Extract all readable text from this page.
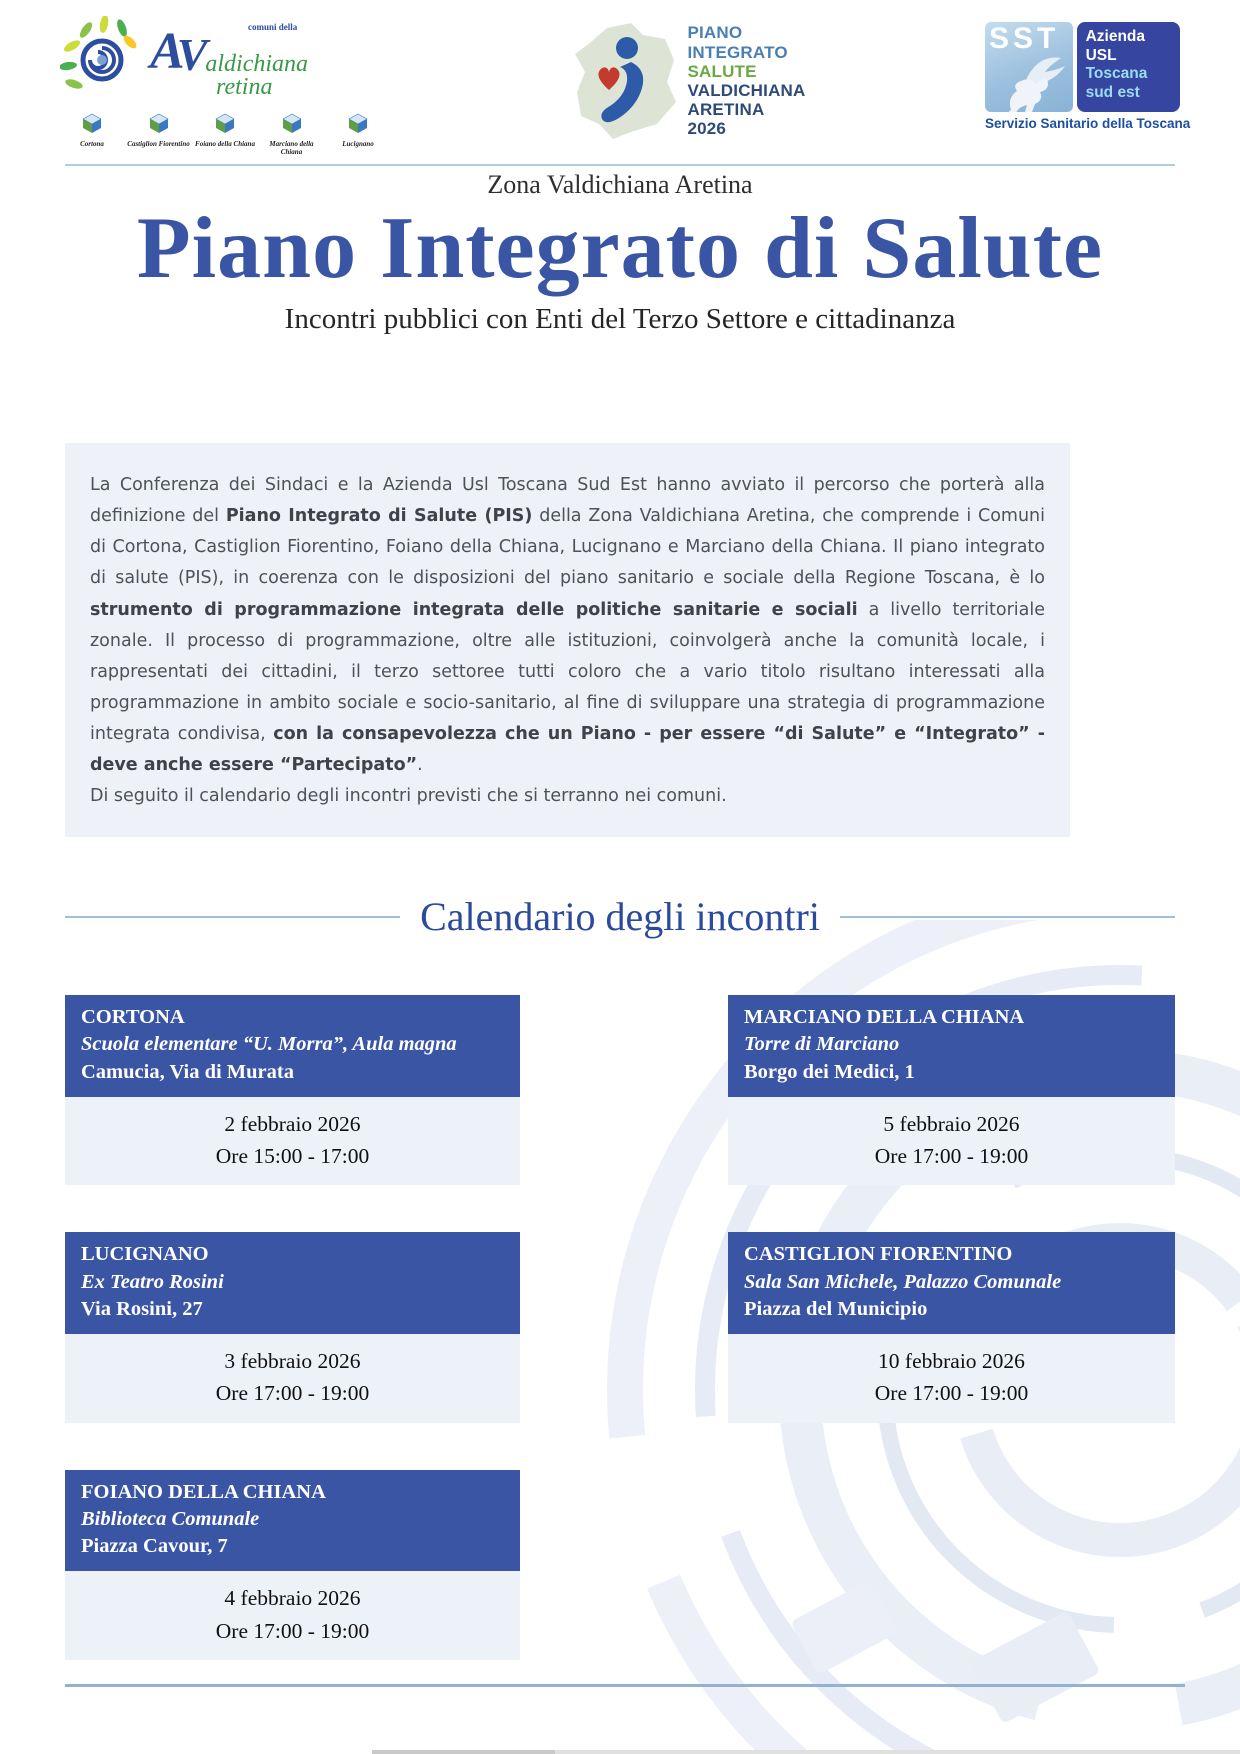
comuni della
A
V
aldichiana
retina
Cortona	Castiglion Fiorentino Foiano della Chiana	Marciano della Chiana
Lucignano
PIANO
INTEGRATO
SALUTE
VALDICHIANA
ARETINA
2026
SST Azienda
USL
Toscana
sud est
Servizio Sanitario della Toscana
Zona Valdichiana Aretina
Piano Integrato di Salute
Incontri pubblici con Enti del Terzo Settore e cittadinanza

La Conferenza dei Sindaci e la Azienda Usl Toscana Sud Est hanno avviato il percorso che porterà alla definizione del Piano Integrato di Salute (PIS) della Zona Valdichiana Aretina, che comprende i Comuni di Cortona, Castiglion Fiorentino, Foiano della Chiana, Lucignano e Marciano della Chiana. Il piano integrato di salute (PIS), in coerenza con le disposizioni del piano sanitario e sociale della Regione Toscana, è lo strumento di programmazione integrata delle politiche sanitarie e sociali a livello territoriale zonale. Il processo di programmazione, oltre alle istituzioni, coinvolgerà anche la comunità locale, i rappresentati dei cittadini, il terzo settoree tutti coloro che a vario titolo risultano interessati alla programmazione in ambito sociale e socio-sanitario, al fine di sviluppare una strategia di programmazione integrata condivisa, con la consapevolezza che un Piano - per essere “di Salute” e “Integrato” - deve anche essere “Partecipato”.

Di seguito il calendario degli incontri previsti che si terranno nei comuni.

Calendario degli incontri
CORTONA
Scuola elementare “U. Morra”, Aula magna
Camucia, Via di Murata
2 febbraio 2026
Ore 15:00 - 17:00
LUCIGNANO
Ex Teatro Rosini
Via Rosini, 27
3 febbraio 2026
Ore 17:00 - 19:00
FOIANO DELLA CHIANA
Biblioteca Comunale
Piazza Cavour, 7
4 febbraio 2026
Ore 17:00 - 19:00
MARCIANO DELLA CHIANA
Torre di Marciano
Borgo dei Medici, 1
5 febbraio 2026
Ore 17:00 - 19:00
CASTIGLION FIORENTINO
Sala San Michele, Palazzo Comunale
Piazza del Municipio
10 febbraio 2026
Ore 17:00 - 19:00
